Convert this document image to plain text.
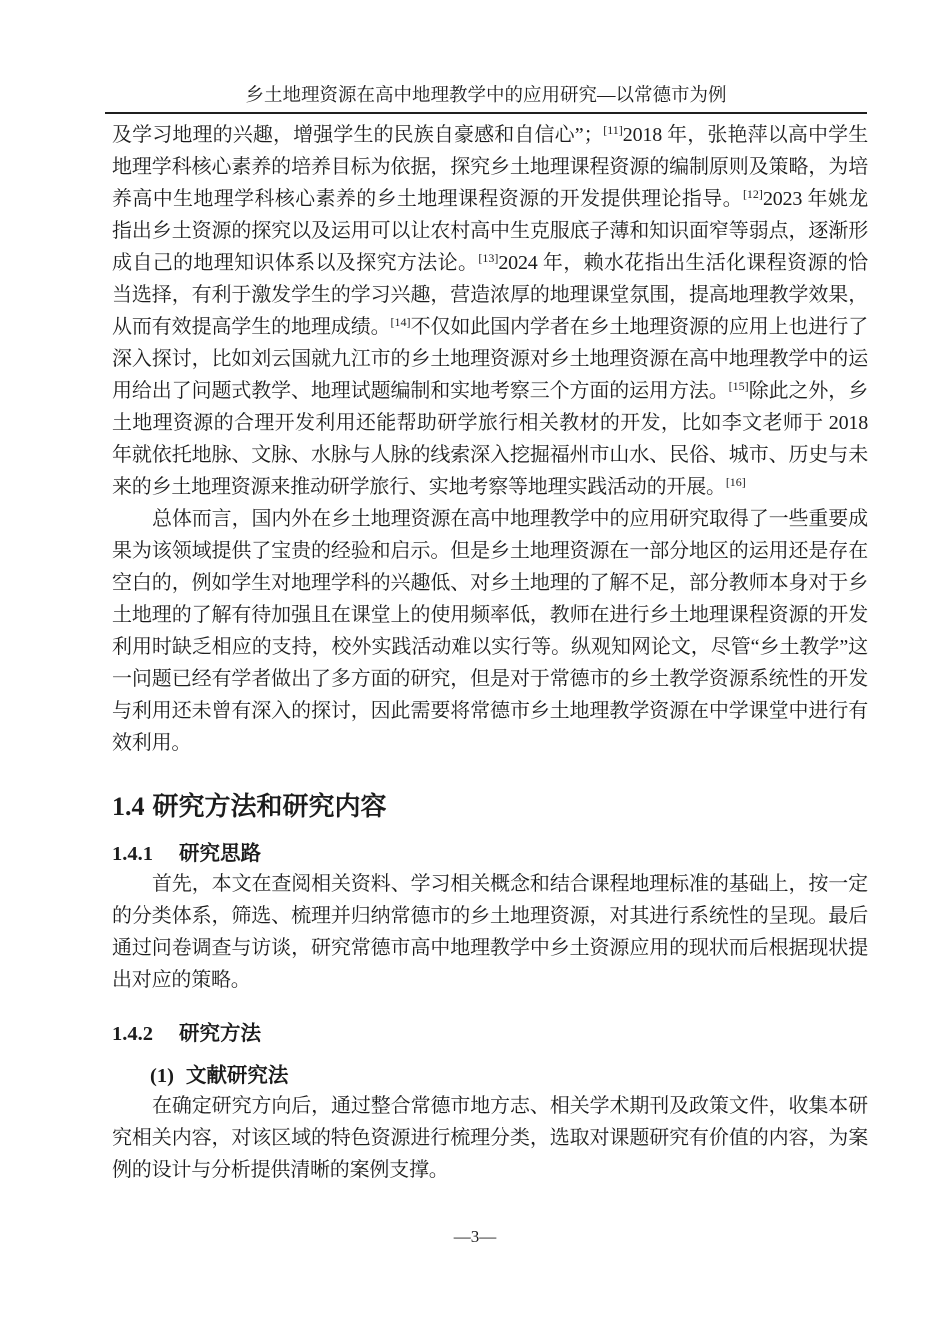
乡土地理资源在高中地理教学中的应用研究—以常德市为例

及学习地理的兴趣，增强学生的民族自豪感和自信心”；[11]2018 年，张艳萍以高中学生地理学科核心素养的培养目标为依据，探究乡土地理课程资源的编制原则及策略，为培养高中生地理学科核心素养的乡土地理课程资源的开发提供理论指导。[12]2023 年姚龙指出乡土资源的探究以及运用可以让农村高中生克服底子薄和知识面窄等弱点，逐渐形成自己的地理知识体系以及探究方法论。[13]2024 年，赖水花指出生活化课程资源的恰当选择，有利于激发学生的学习兴趣，营造浓厚的地理课堂氛围，提高地理教学效果，从而有效提高学生的地理成绩。[14]不仅如此国内学者在乡土地理资源的应用上也进行了深入探讨，比如刘云国就九江市的乡土地理资源对乡土地理资源在高中地理教学中的运用给出了问题式教学、地理试题编制和实地考察三个方面的运用方法。[15]除此之外，乡土地理资源的合理开发利用还能帮助研学旅行相关教材的开发，比如李文老师于 2018 年就依托地脉、文脉、水脉与人脉的线索深入挖掘福州市山水、民俗、城市、历史与未来的乡土地理资源来推动研学旅行、实地考察等地理实践活动的开展。[16]

总体而言，国内外在乡土地理资源在高中地理教学中的应用研究取得了一些重要成果为该领域提供了宝贵的经验和启示。但是乡土地理资源在一部分地区的运用还是存在空白的，例如学生对地理学科的兴趣低、对乡土地理的了解不足，部分教师本身对于乡土地理的了解有待加强且在课堂上的使用频率低，教师在进行乡土地理课程资源的开发利用时缺乏相应的支持，校外实践活动难以实行等。纵观知网论文，尽管“乡土教学”这一问题已经有学者做出了多方面的研究，但是对于常德市的乡土教学资源系统性的开发与利用还未曾有深入的探讨，因此需要将常德市乡土地理教学资源在中学课堂中进行有效利用。

1.4 研究方法和研究内容
1.4.1 研究思路

首先，本文在查阅相关资料、学习相关概念和结合课程地理标准的基础上，按一定的分类体系，筛选、梳理并归纳常德市的乡土地理资源，对其进行系统性的呈现。最后通过问卷调查与访谈，研究常德市高中地理教学中乡土资源应用的现状而后根据现状提出对应的策略。

1.4.2 研究方法
(1) 文献研究法

在确定研究方向后，通过整合常德市地方志、相关学术期刊及政策文件，收集本研究相关内容，对该区域的特色资源进行梳理分类，选取对课题研究有价值的内容，为案例的设计与分析提供清晰的案例支撑。

—3—
